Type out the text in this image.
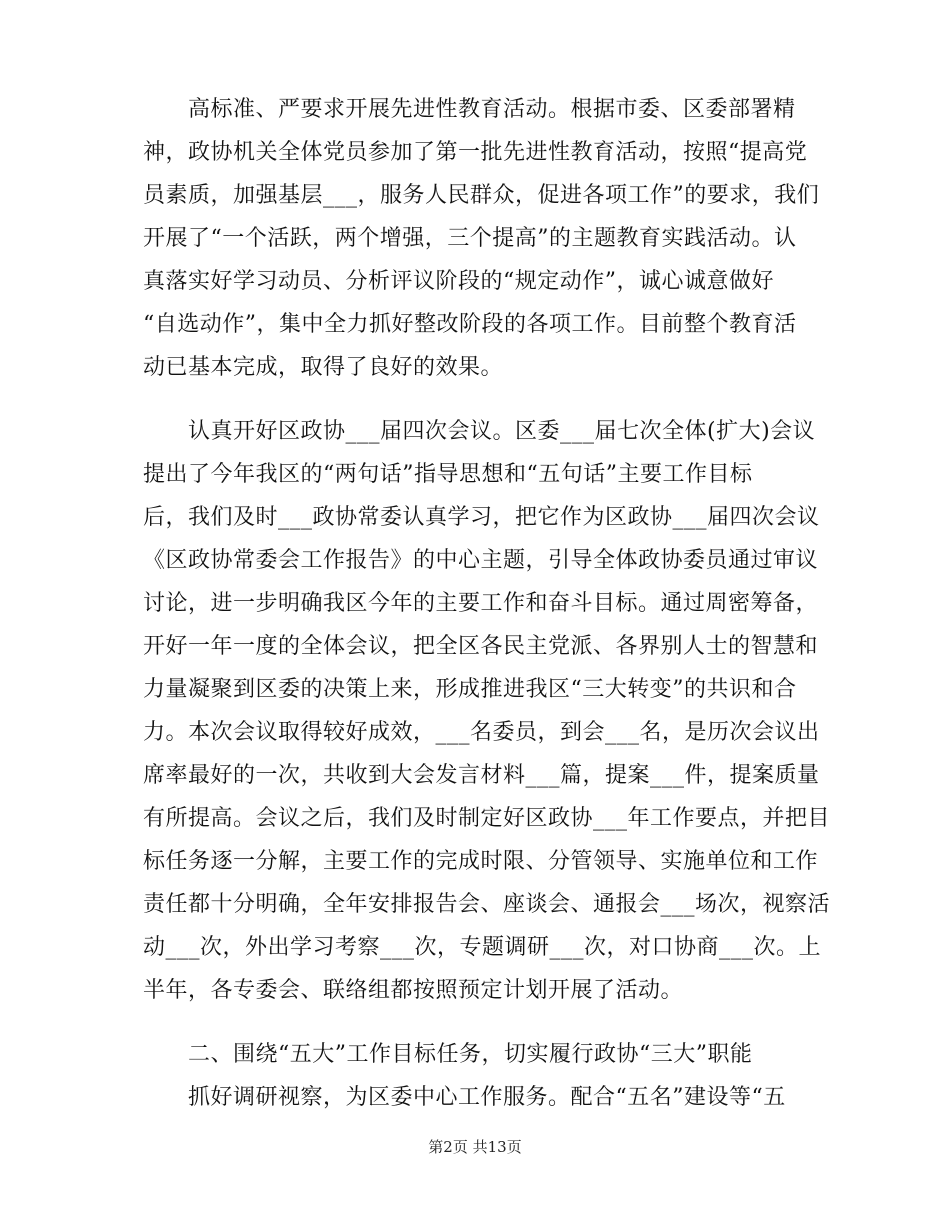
高标准、严要求开展先进性教育活动。根据市委、区委部署精
神，政协机关全体党员参加了第一批先进性教育活动，按照“提高党
员素质，加强基层___，服务人民群众，促进各项工作”的要求，我们
开展了“一个活跃，两个增强，三个提高”的主题教育实践活动。认
真落实好学习动员、分析评议阶段的“规定动作”，诚心诚意做好
“自选动作”，集中全力抓好整改阶段的各项工作。目前整个教育活
动已基本完成，取得了良好的效果。
认真开好区政协___届四次会议。区委___届七次全体(扩大)会议
提出了今年我区的“两句话”指导思想和“五句话”主要工作目标
后，我们及时___政协常委认真学习，把它作为区政协___届四次会议
《区政协常委会工作报告》的中心主题，引导全体政协委员通过审议
讨论，进一步明确我区今年的主要工作和奋斗目标。通过周密筹备，
开好一年一度的全体会议，把全区各民主党派、各界别人士的智慧和
力量凝聚到区委的决策上来，形成推进我区“三大转变”的共识和合
力。本次会议取得较好成效，___名委员，到会___名，是历次会议出
席率最好的一次，共收到大会发言材料___篇，提案___件，提案质量
有所提高。会议之后，我们及时制定好区政协___年工作要点，并把目
标任务逐一分解，主要工作的完成时限、分管领导、实施单位和工作
责任都十分明确，全年安排报告会、座谈会、通报会___场次，视察活
动___次，外出学习考察___次，专题调研___次，对口协商___次。上
半年，各专委会、联络组都按照预定计划开展了活动。
二、围绕“五大”工作目标任务，切实履行政协“三大”职能
抓好调研视察，为区委中心工作服务。配合“五名”建设等“五
第2页 共13页
